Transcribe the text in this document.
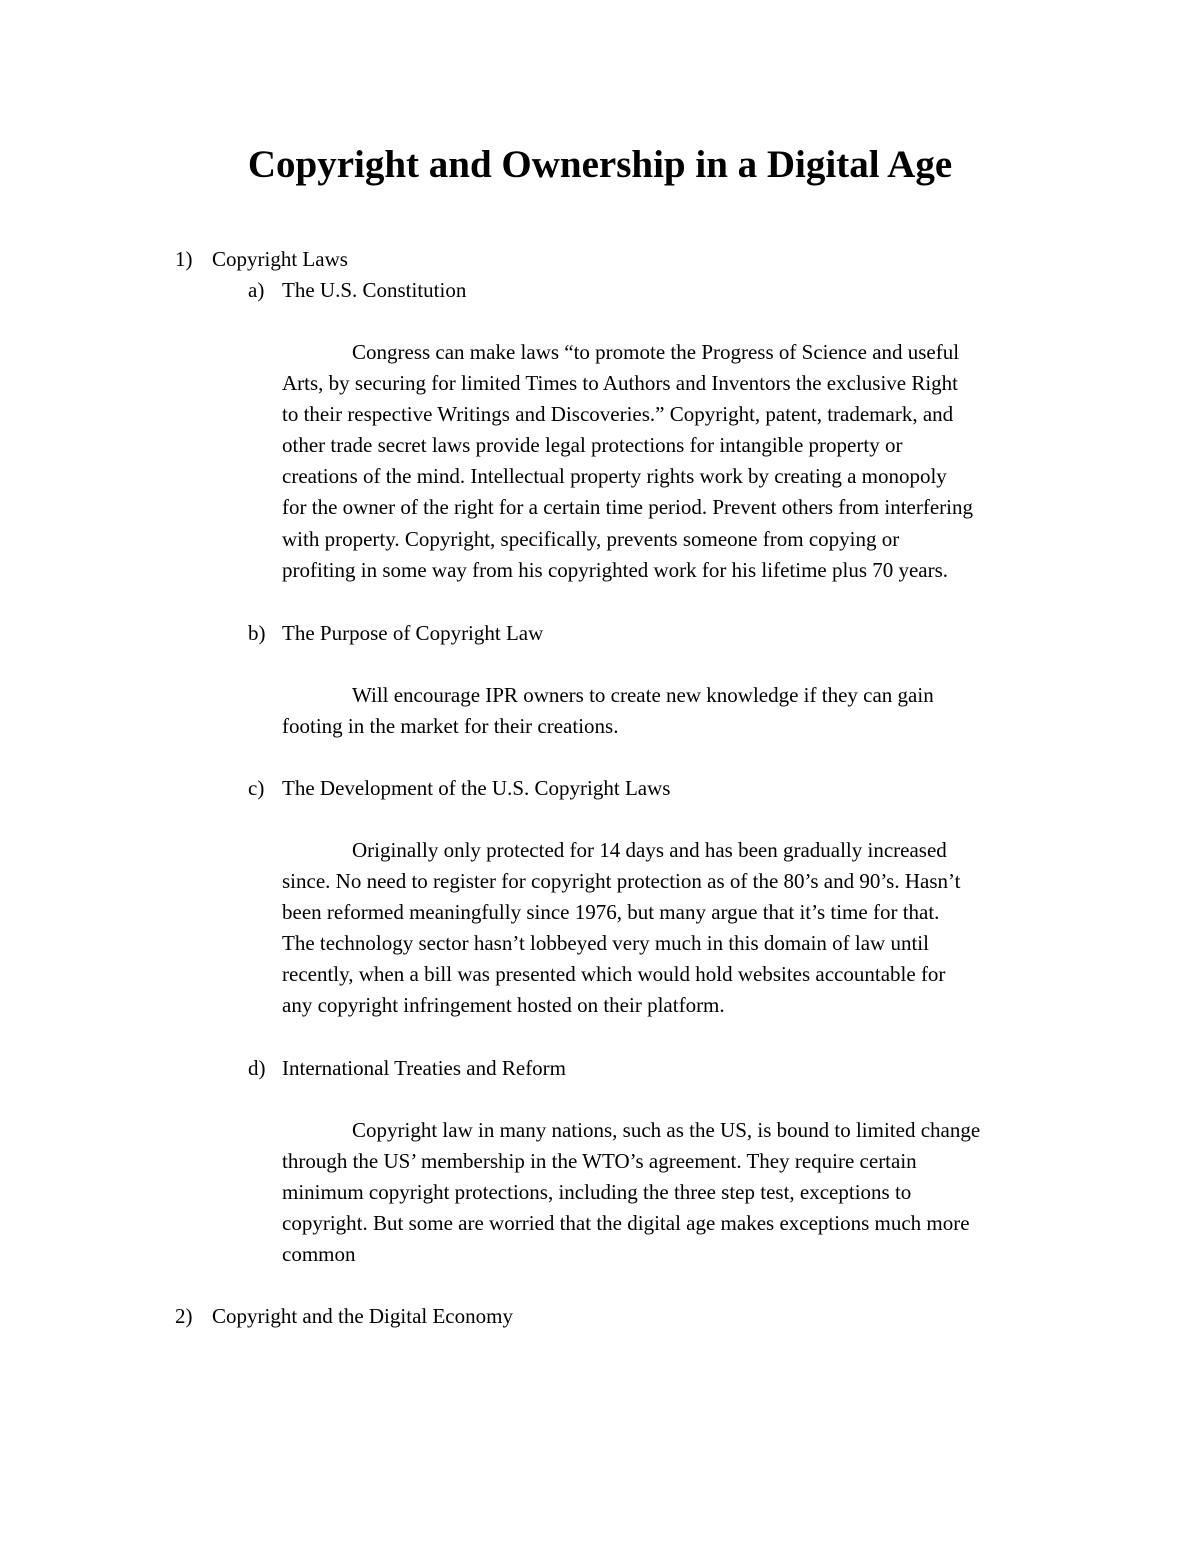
Copyright and Ownership in a Digital Age
1) Copyright Laws
a) The U.S. Constitution
Congress can make laws “to promote the Progress of Science and useful
Arts, by securing for limited Times to Authors and Inventors the exclusive Right
to their respective Writings and Discoveries.” Copyright, patent, trademark, and
other trade secret laws provide legal protections for intangible property or
creations of the mind. Intellectual property rights work by creating a monopoly
for the owner of the right for a certain time period. Prevent others from interfering
with property. Copyright, specifically, prevents someone from copying or
profiting in some way from his copyrighted work for his lifetime plus 70 years.
b) The Purpose of Copyright Law
Will encourage IPR owners to create new knowledge if they can gain
footing in the market for their creations.
c) The Development of the U.S. Copyright Laws
Originally only protected for 14 days and has been gradually increased
since. No need to register for copyright protection as of the 80’s and 90’s. Hasn’t
been reformed meaningfully since 1976, but many argue that it’s time for that.
The technology sector hasn’t lobbeyed very much in this domain of law until
recently, when a bill was presented which would hold websites accountable for
any copyright infringement hosted on their platform.
d) International Treaties and Reform
Copyright law in many nations, such as the US, is bound to limited change
through the US’ membership in the WTO’s agreement. They require certain
minimum copyright protections, including the three step test, exceptions to
copyright. But some are worried that the digital age makes exceptions much more
common
2) Copyright and the Digital Economy
